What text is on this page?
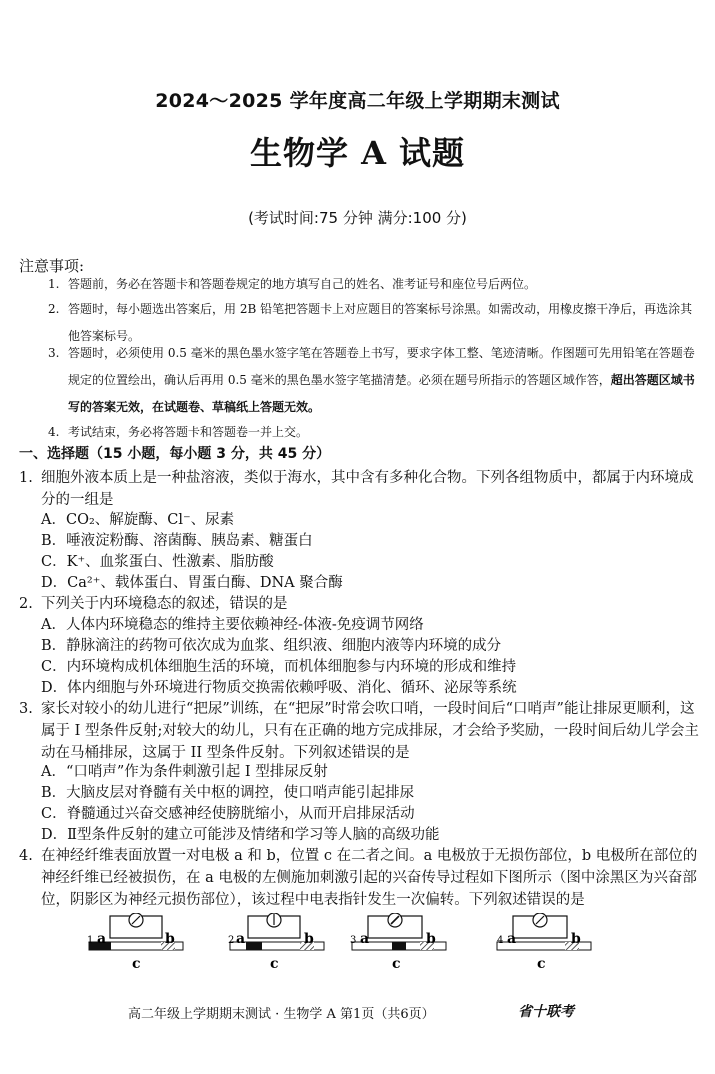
2024～2025 学年度高二年级上学期期末测试
生物学 A 试题
(考试时间:75 分钟 满分:100 分)
注意事项:
1. 答题前，务必在答题卡和答题卷规定的地方填写自己的姓名、准考证号和座位号后两位。
2. 答题时，每小题选出答案后，用 2B 铅笔把答题卡上对应题目的答案标号涂黑。如需改动，用橡皮擦干净后，再选涂其他答案标号。
3. 答题时，必须使用 0.5 毫米的黑色墨水签字笔在答题卷上书写，要求字体工整、笔迹清晰。作图题可先用铅笔在答题卷规定的位置绘出，确认后再用 0.5 毫米的黑色墨水签字笔描清楚。必须在题号所指示的答题区域作答，超出答题区域书写的答案无效，在试题卷、草稿纸上答题无效。
4. 考试结束，务必将答题卡和答题卷一并上交。
一、选择题（15 小题，每小题 3 分，共 45 分）
1. 细胞外液本质上是一种盐溶液，类似于海水，其中含有多种化合物。下列各组物质中，都属于内环境成分的一组是
A．CO₂、解旋酶、Cl⁻、尿素
B．唾液淀粉酶、溶菌酶、胰岛素、糖蛋白
C．K⁺、血浆蛋白、性激素、脂肪酸
D．Ca²⁺、载体蛋白、胃蛋白酶、DNA 聚合酶
2. 下列关于内环境稳态的叙述，错误的是
A．人体内环境稳态的维持主要依赖神经-体液-免疫调节网络
B．静脉滴注的药物可依次成为血浆、组织液、细胞内液等内环境的成分
C．内环境构成机体细胞生活的环境，而机体细胞参与内环境的形成和维持
D．体内细胞与外环境进行物质交换需依赖呼吸、消化、循环、泌尿等系统
3. 家长对较小的幼儿进行“把尿”训练，在“把尿”时常会吹口哨，一段时间后“口哨声”能让排尿更顺利，这属于 I 型条件反射;对较大的幼儿，只有在正确的地方完成排尿，才会给予奖励，一段时间后幼儿学会主动在马桶排尿，这属于 II 型条件反射。下列叙述错误的是
A．“口哨声”作为条件刺激引起 I 型排尿反射
B．大脑皮层对脊髓有关中枢的调控，使口哨声能引起排尿
C．脊髓通过兴奋交感神经使膀胱缩小，从而开启排尿活动
D．Ⅱ型条件反射的建立可能涉及情绪和学习等人脑的高级功能
4. 在神经纤维表面放置一对电极 a 和 b，位置 c 在二者之间。a 电极放于无损伤部位，b 电极所在部位的神经纤维已经被损伤，在 a 电极的左侧施加刺激引起的兴奋传导过程如下图所示（图中涂黑区为兴奋部位，阴影区为神经元损伤部位），该过程中电表指针发生一次偏转。下列叙述错误的是
1 a	b
c
2 a	b
c
3 a	b
c
4 a	b
c
高二年级上学期期末测试 · 生物学 A 第1页（共6页）	省十联考
